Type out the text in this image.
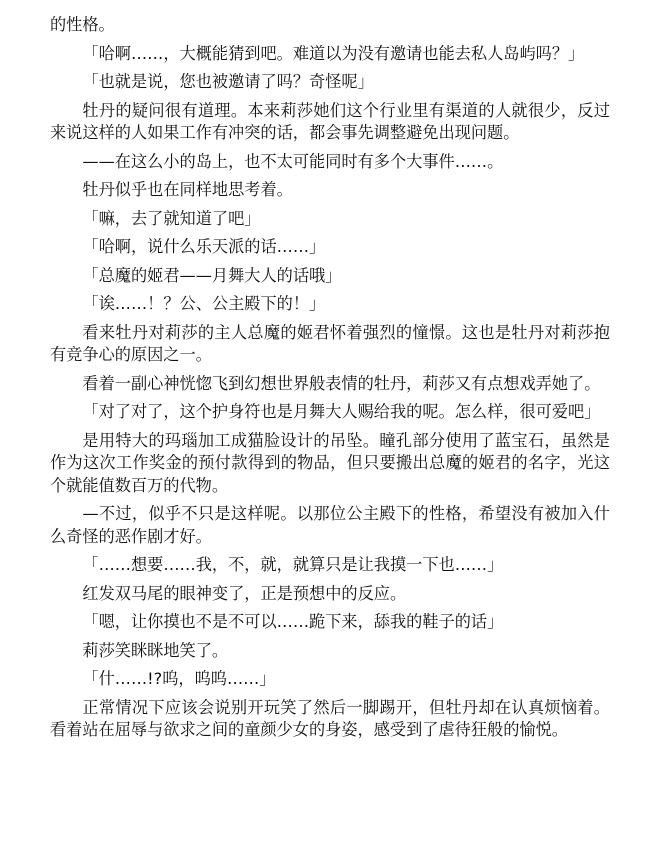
的性格。

「哈啊……，大概能猜到吧。难道以为没有邀请也能去私人岛屿吗？」

「也就是说，您也被邀请了吗？奇怪呢」

牡丹的疑问很有道理。本来莉莎她们这个行业里有渠道的人就很少，反过来说这样的人如果工作有冲突的话，都会事先调整避免出现问题。

——在这么小的岛上，也不太可能同时有多个大事件……。

牡丹似乎也在同样地思考着。

「嘛，去了就知道了吧」

「哈啊，说什么乐天派的话……」

「总魔的姬君——月舞大人的话哦」

「诶……！？公、公主殿下的！」

看来牡丹对莉莎的主人总魔的姬君怀着强烈的憧憬。这也是牡丹对莉莎抱有竞争心的原因之一。

看着一副心神恍惚飞到幻想世界般表情的牡丹，莉莎又有点想戏弄她了。

「对了对了，这个护身符也是月舞大人赐给我的呢。怎么样，很可爱吧」

是用特大的玛瑙加工成猫脸设计的吊坠。瞳孔部分使用了蓝宝石，虽然是作为这次工作奖金的预付款得到的物品，但只要搬出总魔的姬君的名字，光这个就能值数百万的代物。

—不过，似乎不只是这样呢。以那位公主殿下的性格，希望没有被加入什么奇怪的恶作剧才好。

「……想要……我，不，就，就算只是让我摸一下也……」

红发双马尾的眼神变了，正是预想中的反应。

「嗯，让你摸也不是不可以……跪下来，舔我的鞋子的话」

莉莎笑眯眯地笑了。

「什……!?呜，呜呜……」

正常情况下应该会说别开玩笑了然后一脚踢开，但牡丹却在认真烦恼着。看着站在屈辱与欲求之间的童颜少女的身姿，感受到了虐待狂般的愉悦。
